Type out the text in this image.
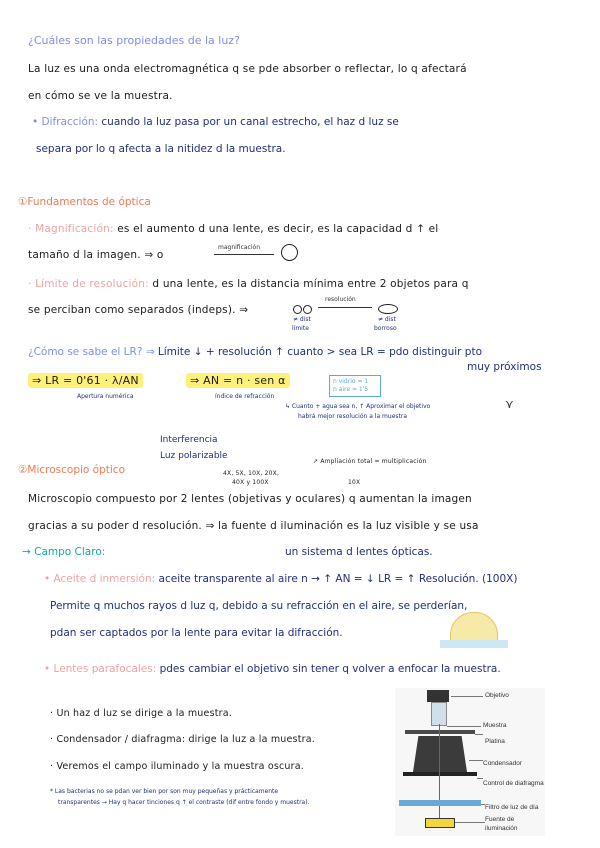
¿Cuáles son las propiedades de la luz?
La luz es una onda electromagnética q se pde absorber o reflectar, lo q afectará
en cómo se ve la muestra.
• Difracción: cuando la luz pasa por un canal estrecho, el haz d luz se
separa por lo q afecta a la nitidez d la muestra.
①Fundamentos de óptica
· Magnificación: es el aumento d una lente, es decir, es la capacidad d ↑ el
tamaño d la imagen. ⇒ o
magnificación
· Límite de resolución: d una lente, es la distancia mínima entre 2 objetos para q
se perciban como separados (indeps). ⇒
resolución
≠ dist
límite
≠ dist
borroso
¿Cómo se sabe el LR? ⇒ Límite ↓ + resolución ↑ cuanto > sea LR = pdo distinguir pto
muy próximos
⇒ LR = 0'61 · λ/AN
Apertura numérica
⇒ AN = n · sen α
índice de refracción
n vidrio ≈ 1
n aire ≈ 1'5
↳ Cuanto + agua sea n, ↑ Aproximar el objetivo
habrá mejor resolución a la muestra
⋎
Interferencia
Luz polarizable
②Microscopio óptico
↗ Ampliación total = multiplicación
4X, 5X, 10X, 20X,
40X y 100X	10X
Microscopio compuesto por 2 lentes (objetivas y oculares) q aumentan la imagen
gracias a su poder d resolución. ⇒ la fuente d iluminación es la luz visible y se usa
→ Campo Claro:	un sistema d lentes ópticas.
• Aceite d inmersión: aceite transparente al aire n → ↑ AN = ↓ LR = ↑ Resolución. (100X)
Permite q muchos rayos d luz q, debido a su refracción en el aire, se perderían,
pdan ser captados por la lente para evitar la difracción.
• Lentes parafocales: pdes cambiar el objetivo sin tener q volver a enfocar la muestra.
· Un haz d luz se dirige a la muestra.
· Condensador / diafragma: dirige la luz a la muestra.
· Veremos el campo iluminado y la muestra oscura.
* Las bacterias no se pdan ver bien por son muy pequeñas y prácticamente
transparentes → Hay q hacer tinciones q ↑ el contraste (dif entre fondo y muestra).
Objetivo
Muestra
Platina
Condensador
Control de diafragma
Filtro de luz de día
Fuente de
iluminación
